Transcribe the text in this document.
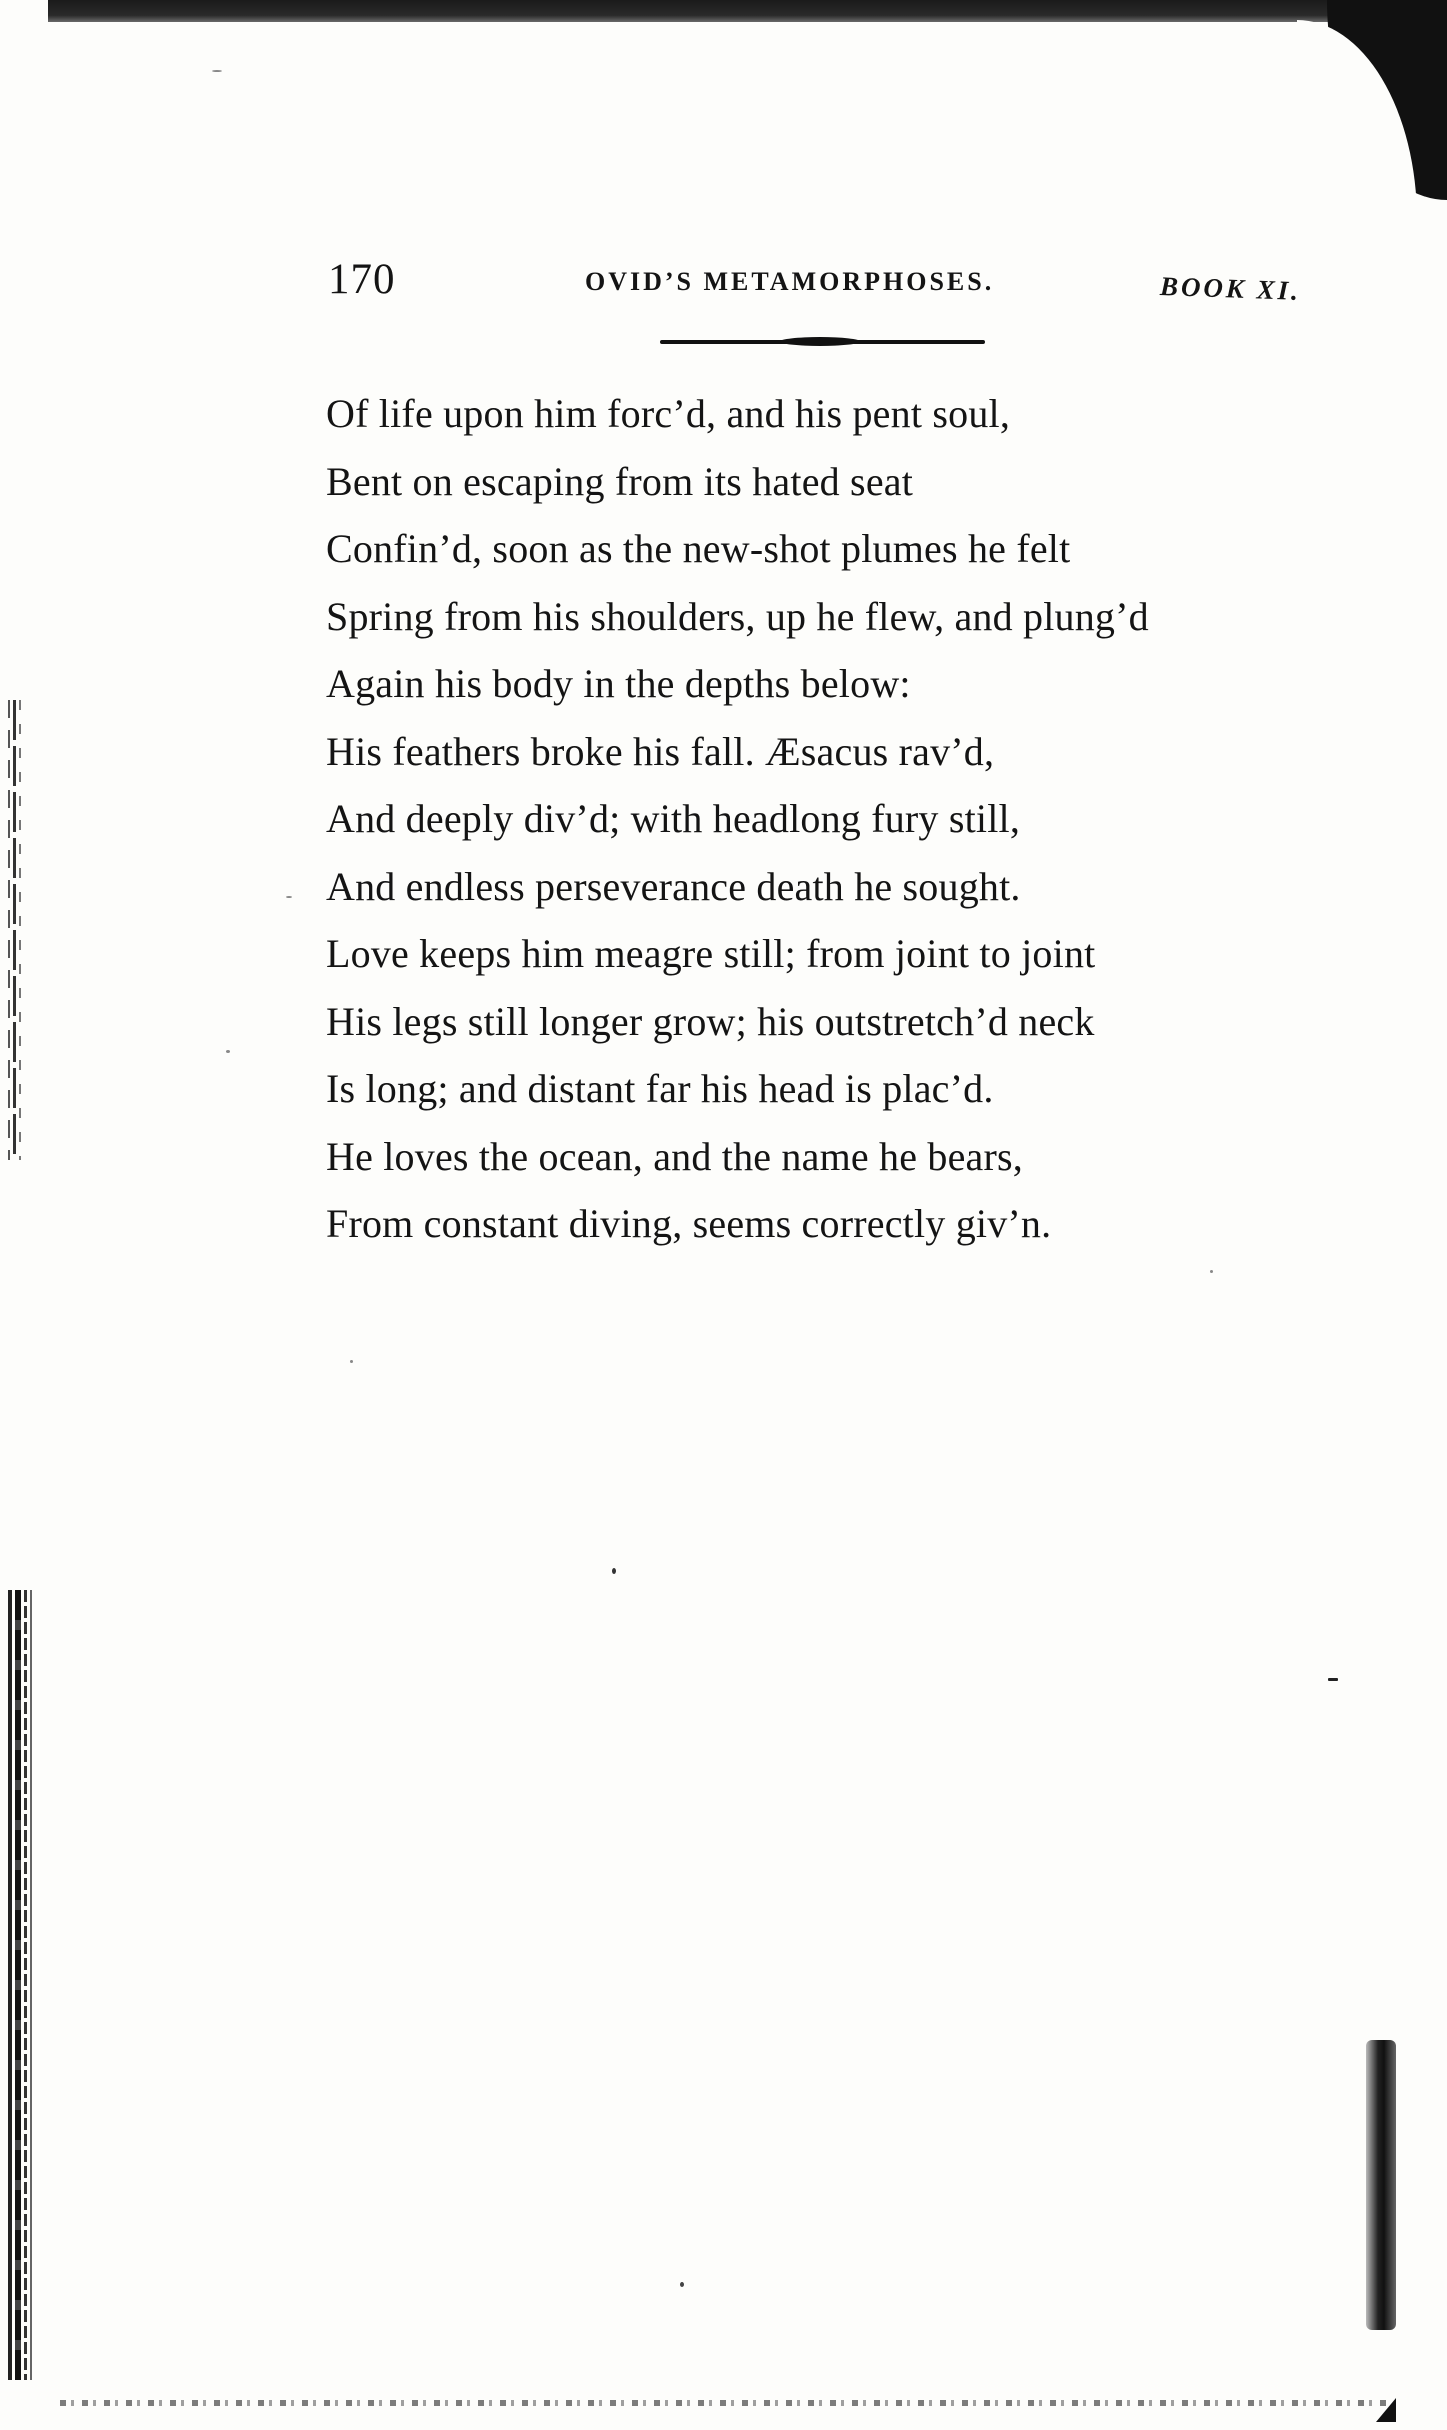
170	OVID’S METAMORPHOSES.	BOOK XI.
Of life upon him forc’d, and his pent soul,
Bent on escaping from its hated seat
Confin’d, soon as the new-shot plumes he felt
Spring from his shoulders, up he flew, and plung’d
Again his body in the depths below:
His feathers broke his fall. Æsacus rav’d,
And deeply div’d; with headlong fury still,
And endless perseverance death he sought.
Love keeps him meagre still; from joint to joint
His legs still longer grow; his outstretch’d neck
Is long; and distant far his head is plac’d.
He loves the ocean, and the name he bears,
From constant diving, seems correctly giv’n.
